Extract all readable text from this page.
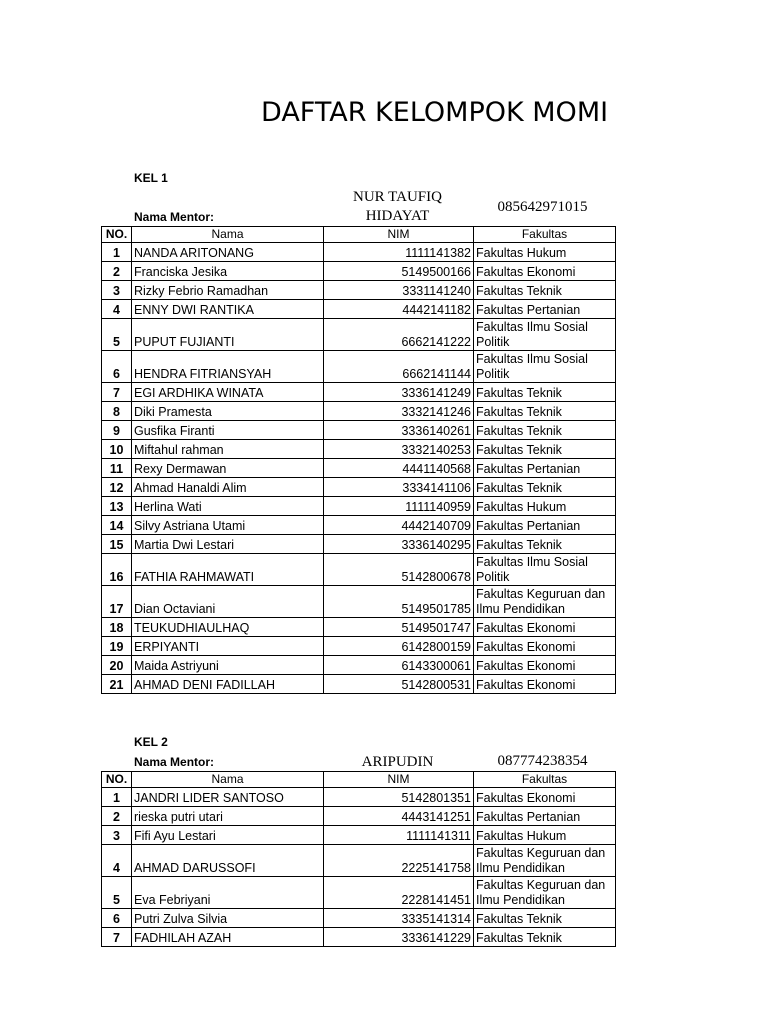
DAFTAR KELOMPOK MOMI
KEL 1
Nama Mentor:
NUR TAUFIQ
HIDAYAT
085642971015
NO.	Nama	NIM	Fakultas
1	NANDA ARITONANG	1111141382	Fakultas Hukum
2	Franciska Jesika	5149500166	Fakultas Ekonomi
3	Rizky Febrio Ramadhan	3331141240	Fakultas Teknik
4	ENNY DWI RANTIKA	4442141182	Fakultas Pertanian
5	PUPUT FUJIANTI	6662141222	Fakultas Ilmu Sosial Politik
6	HENDRA FITRIANSYAH	6662141144	Fakultas Ilmu Sosial Politik
7	EGI ARDHIKA WINATA	3336141249	Fakultas Teknik
8	Diki Pramesta	3332141246	Fakultas Teknik
9	Gusfika Firanti	3336140261	Fakultas Teknik
10	Miftahul rahman	3332140253	Fakultas Teknik
11	Rexy Dermawan	4441140568	Fakultas Pertanian
12	Ahmad Hanaldi Alim	3334141106	Fakultas Teknik
13	Herlina Wati	1111140959	Fakultas Hukum
14	Silvy Astriana Utami	4442140709	Fakultas Pertanian
15	Martia Dwi Lestari	3336140295	Fakultas Teknik
16	FATHIA RAHMAWATI	5142800678	Fakultas Ilmu Sosial Politik
17	Dian Octaviani	5149501785	Fakultas Keguruan dan Ilmu Pendidikan
18	TEUKUDHIAULHAQ	5149501747	Fakultas Ekonomi
19	ERPIYANTI	6142800159	Fakultas Ekonomi
20	Maida Astriyuni	6143300061	Fakultas Ekonomi
21	AHMAD DENI FADILLAH	5142800531	Fakultas Ekonomi
KEL 2
Nama Mentor:	ARIPUDIN	087774238354
NO.	Nama	NIM	Fakultas
1	JANDRI LIDER SANTOSO	5142801351	Fakultas Ekonomi
2	rieska putri utari	4443141251	Fakultas Pertanian
3	Fifi Ayu Lestari	1111141311	Fakultas Hukum
4	AHMAD DARUSSOFI	2225141758	Fakultas Keguruan dan Ilmu Pendidikan
5	Eva Febriyani	2228141451	Fakultas Keguruan dan Ilmu Pendidikan
6	Putri Zulva Silvia	3335141314	Fakultas Teknik
7	FADHILAH AZAH	3336141229	Fakultas Teknik
